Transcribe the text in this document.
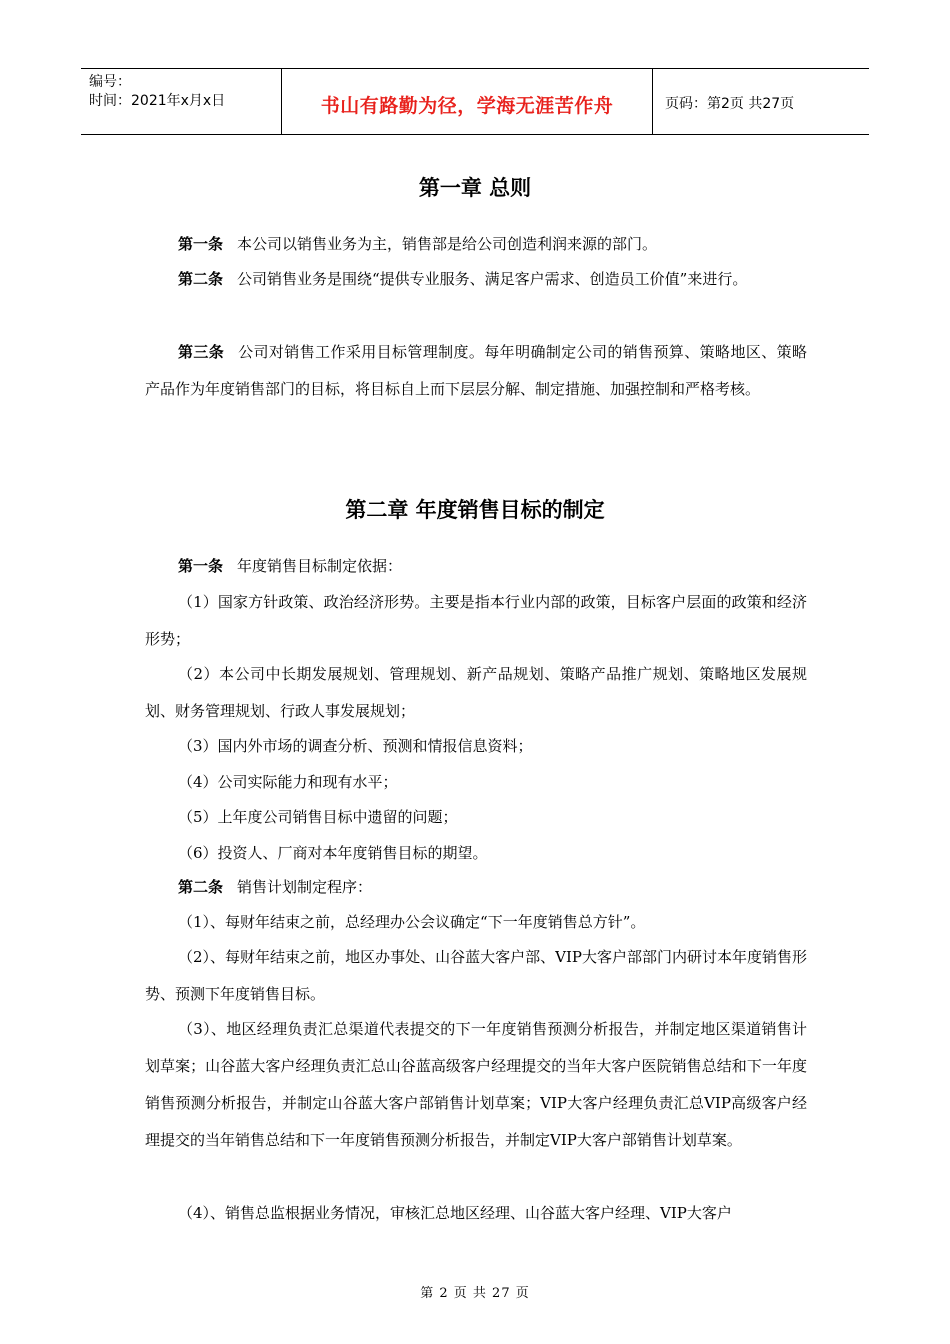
编号：
时间：2021年x月x日	书山有路勤为径，学海无涯苦作舟	页码：第2页 共27页
第一章 总则

第一条 本公司以销售业务为主，销售部是给公司创造利润来源的部门。

第二条 公司销售业务是围绕“提供专业服务、满足客户需求、创造员工价值”来进行。

第三条 公司对销售工作采用目标管理制度。每年明确制定公司的销售预算、策略地区、策略产品作为年度销售部门的目标，将目标自上而下层层分解、制定措施、加强控制和严格考核。

第二章 年度销售目标的制定

第一条 年度销售目标制定依据：

（1）国家方针政策、政治经济形势。主要是指本行业内部的政策，目标客户层面的政策和经济形势；

（2）本公司中长期发展规划、管理规划、新产品规划、策略产品推广规划、策略地区发展规划、财务管理规划、行政人事发展规划；

（3）国内外市场的调查分析、预测和情报信息资料；

（4）公司实际能力和现有水平；

（5）上年度公司销售目标中遗留的问题；

（6）投资人、厂商对本年度销售目标的期望。

第二条 销售计划制定程序：

（1）、每财年结束之前，总经理办公会议确定“下一年度销售总方针”。

（2）、每财年结束之前，地区办事处、山谷蓝大客户部、VIP大客户部部门内研讨本年度销售形势、预测下年度销售目标。

（3）、地区经理负责汇总渠道代表提交的下一年度销售预测分析报告，并制定地区渠道销售计划草案；山谷蓝大客户经理负责汇总山谷蓝高级客户经理提交的当年大客户医院销售总结和下一年度销售预测分析报告，并制定山谷蓝大客户部销售计划草案；VIP大客户经理负责汇总VIP高级客户经理提交的当年销售总结和下一年度销售预测分析报告，并制定VIP大客户部销售计划草案。

（4）、销售总监根据业务情况，审核汇总地区经理、山谷蓝大客户经理、VIP大客户

第 2 页 共 27 页
